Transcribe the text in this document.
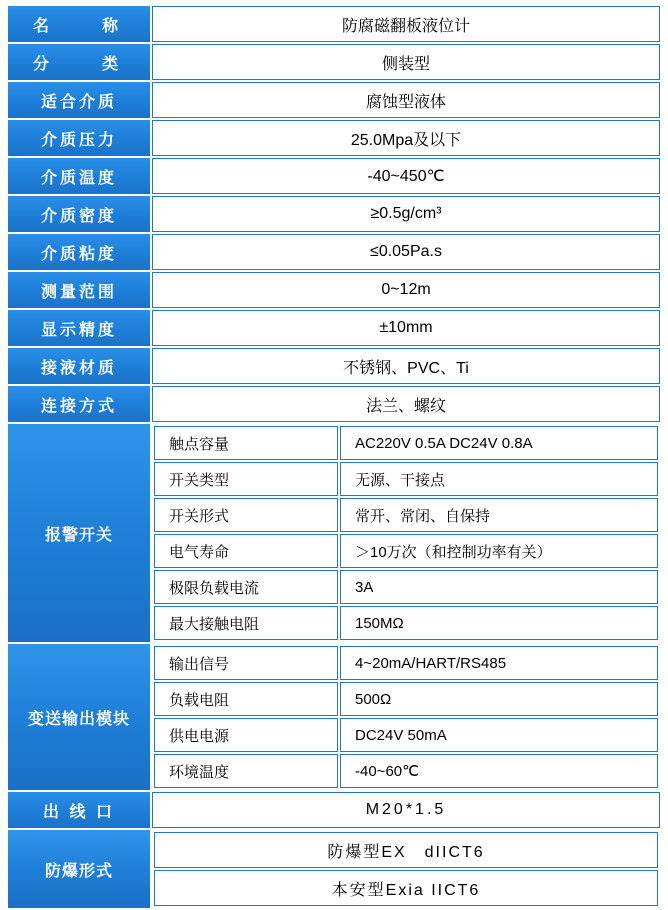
名　　称	防腐磁翻板液位计
分　　类	侧装型
适合介质	腐蚀型液体
介质压力	25.0Mpa及以下
介质温度	-40~450℃
介质密度	≥0.5g/cm³
介质粘度	≤0.05Pa.s
测量范围	0~12m
显示精度	±10mm
接液材质	不锈钢、PVC、Ti
连接方式	法兰、螺纹
报警开关	
触点容量	AC220V 0.5A DC24V 0.8A
开关类型	无源、干接点
开关形式	常开、常闭、自保持
电气寿命	＞10万次（和控制功率有关）
极限负载电流	3A
最大接触电阻	150MΩ

变送输出模块	
输出信号	4~20mA/HART/RS485
负载电阻	500Ω
供电电源	DC24V 50mA
环境温度	-40~60℃

出 线 口	M20*1.5
防爆形式	
防爆型EX　dIICT6
本安型Exia IICT6
